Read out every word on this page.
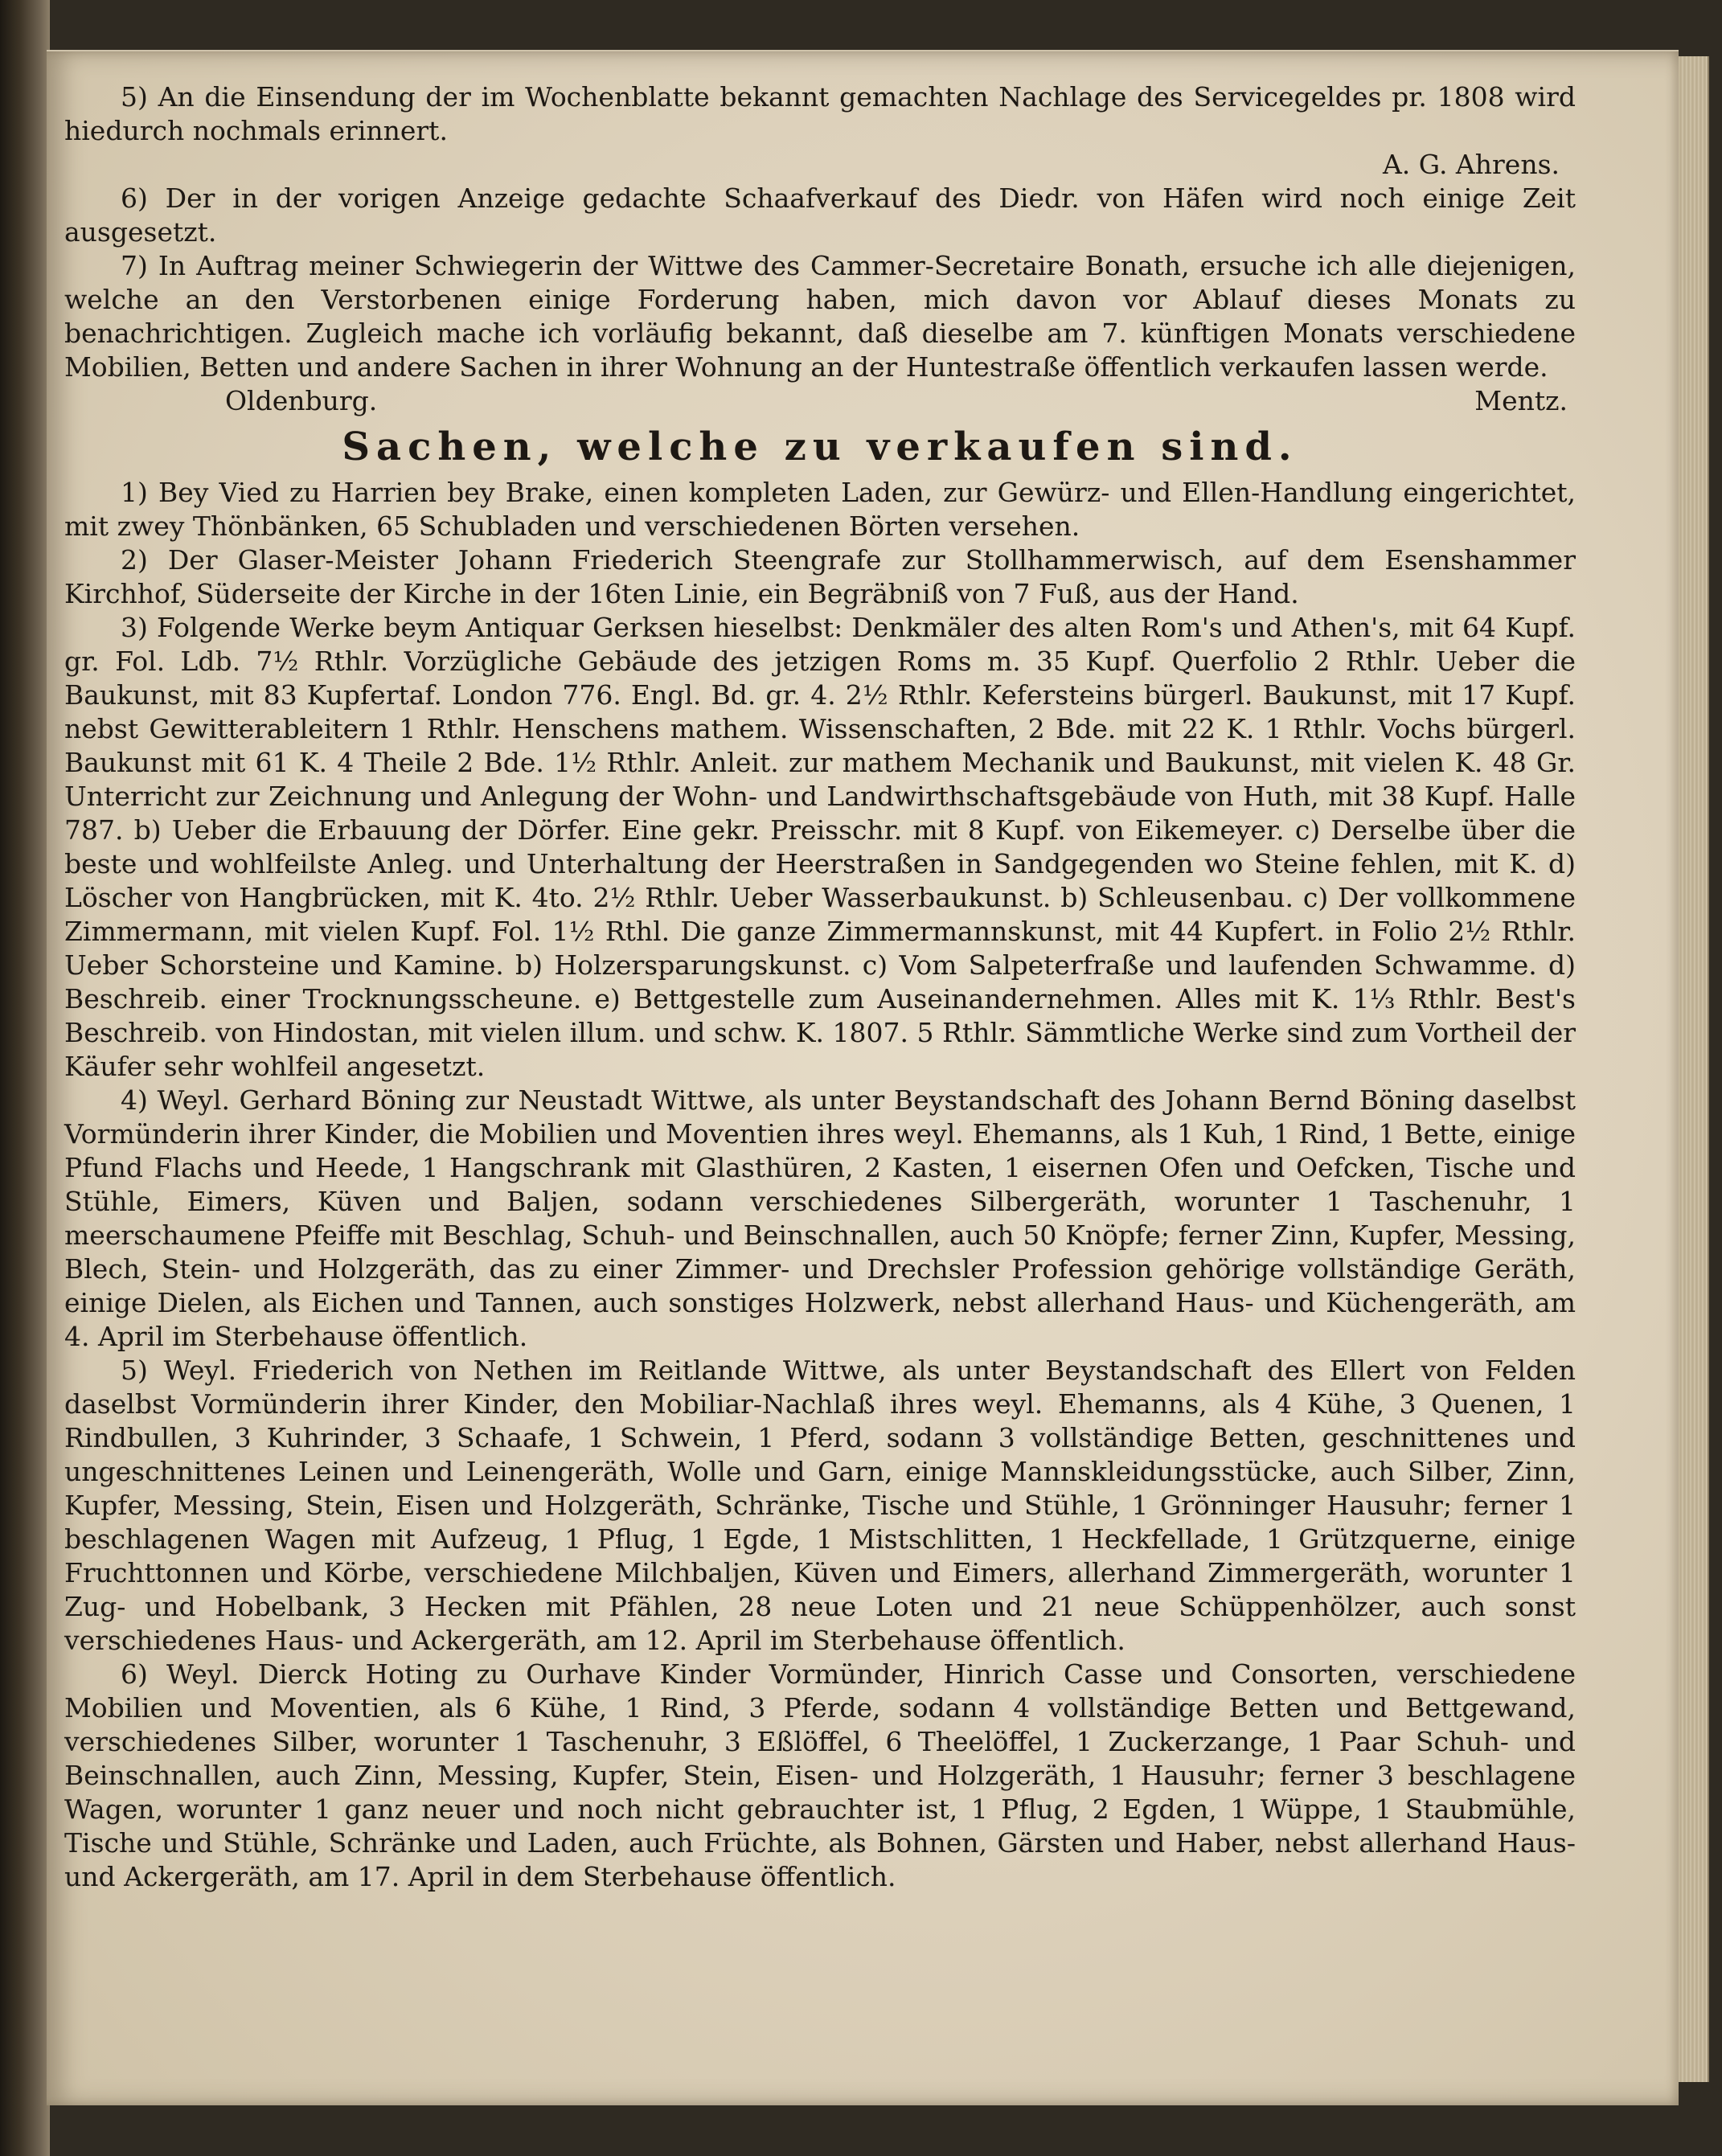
5) An die Einsendung der im Wochenblatte bekannt gemachten Nachlage des Servicegeldes pr. 1808 wird hiedurch nochmals erinnert.

A. G. Ahrens.

6) Der in der vorigen Anzeige gedachte Schaafverkauf des Diedr. von Häfen wird noch einige Zeit ausgesetzt.

7) In Auftrag meiner Schwiegerin der Wittwe des Cammer-Secretaire Bonath, ersuche ich alle diejenigen, welche an den Verstorbenen einige Forderung haben, mich davon vor Ablauf dieses Monats zu benachrichtigen. Zugleich mache ich vorläufig bekannt, daß dieselbe am 7. künftigen Monats verschiedene Mobilien, Betten und andere Sachen in ihrer Wohnung an der Huntestraße öffentlich verkaufen lassen werde.

Oldenburg.	Mentz.
Sachen, welche zu verkaufen sind.

1) Bey Vied zu Harrien bey Brake, einen kompleten Laden, zur Gewürz- und Ellen-Handlung eingerichtet, mit zwey Thönbänken, 65 Schubladen und verschiedenen Börten versehen.

2) Der Glaser-Meister Johann Friederich Steengrafe zur Stollhammerwisch, auf dem Esenshammer Kirchhof, Süderseite der Kirche in der 16ten Linie, ein Begräbniß von 7 Fuß, aus der Hand.

3) Folgende Werke beym Antiquar Gerksen hieselbst: Denkmäler des alten Rom's und Athen's, mit 64 Kupf. gr. Fol. Ldb. 7½ Rthlr. Vorzügliche Gebäude des jetzigen Roms m. 35 Kupf. Querfolio 2 Rthlr. Ueber die Baukunst, mit 83 Kupfertaf. London 776. Engl. Bd. gr. 4. 2½ Rthlr. Kefersteins bürgerl. Baukunst, mit 17 Kupf. nebst Gewitterableitern 1 Rthlr. Henschens mathem. Wissenschaften, 2 Bde. mit 22 K. 1 Rthlr. Vochs bürgerl. Baukunst mit 61 K. 4 Theile 2 Bde. 1½ Rthlr. Anleit. zur mathem Mechanik und Baukunst, mit vielen K. 48 Gr. Unterricht zur Zeichnung und Anlegung der Wohn- und Landwirthschaftsgebäude von Huth, mit 38 Kupf. Halle 787. b) Ueber die Erbauung der Dörfer. Eine gekr. Preisschr. mit 8 Kupf. von Eikemeyer. c) Derselbe über die beste und wohlfeilste Anleg. und Unterhaltung der Heerstraßen in Sandgegenden wo Steine fehlen, mit K. d) Löscher von Hangbrücken, mit K. 4to. 2½ Rthlr. Ueber Wasserbaukunst. b) Schleusenbau. c) Der vollkommene Zimmermann, mit vielen Kupf. Fol. 1½ Rthl. Die ganze Zimmermannskunst, mit 44 Kupfert. in Folio 2½ Rthlr. Ueber Schorsteine und Kamine. b) Holzersparungskunst. c) Vom Salpeterfraße und laufenden Schwamme. d) Beschreib. einer Trocknungsscheune. e) Bettgestelle zum Auseinandernehmen. Alles mit K. 1⅓ Rthlr. Best's Beschreib. von Hindostan, mit vielen illum. und schw. K. 1807. 5 Rthlr. Sämmtliche Werke sind zum Vortheil der Käufer sehr wohlfeil angesetzt.

4) Weyl. Gerhard Böning zur Neustadt Wittwe, als unter Beystandschaft des Johann Bernd Böning daselbst Vormünderin ihrer Kinder, die Mobilien und Moventien ihres weyl. Ehemanns, als 1 Kuh, 1 Rind, 1 Bette, einige Pfund Flachs und Heede, 1 Hangschrank mit Glasthüren, 2 Kasten, 1 eisernen Ofen und Oefcken, Tische und Stühle, Eimers, Küven und Baljen, sodann verschiedenes Silbergeräth, worunter 1 Taschenuhr, 1 meerschaumene Pfeiffe mit Beschlag, Schuh- und Beinschnallen, auch 50 Knöpfe; ferner Zinn, Kupfer, Messing, Blech, Stein- und Holzgeräth, das zu einer Zimmer- und Drechsler Profession gehörige vollständige Geräth, einige Dielen, als Eichen und Tannen, auch sonstiges Holzwerk, nebst allerhand Haus- und Küchengeräth, am 4. April im Sterbehause öffentlich.

5) Weyl. Friederich von Nethen im Reitlande Wittwe, als unter Beystandschaft des Ellert von Felden daselbst Vormünderin ihrer Kinder, den Mobiliar-Nachlaß ihres weyl. Ehemanns, als 4 Kühe, 3 Quenen, 1 Rindbullen, 3 Kuhrinder, 3 Schaafe, 1 Schwein, 1 Pferd, sodann 3 vollständige Betten, geschnittenes und ungeschnittenes Leinen und Leinengeräth, Wolle und Garn, einige Mannskleidungsstücke, auch Silber, Zinn, Kupfer, Messing, Stein, Eisen und Holzgeräth, Schränke, Tische und Stühle, 1 Grönninger Hausuhr; ferner 1 beschlagenen Wagen mit Aufzeug, 1 Pflug, 1 Egde, 1 Mistschlitten, 1 Heckfellade, 1 Grützquerne, einige Fruchttonnen und Körbe, verschiedene Milchbaljen, Küven und Eimers, allerhand Zimmergeräth, worunter 1 Zug- und Hobelbank, 3 Hecken mit Pfählen, 28 neue Loten und 21 neue Schüppenhölzer, auch sonst verschiedenes Haus- und Ackergeräth, am 12. April im Sterbehause öffentlich.

6) Weyl. Dierck Hoting zu Ourhave Kinder Vormünder, Hinrich Casse und Consorten, verschiedene Mobilien und Moventien, als 6 Kühe, 1 Rind, 3 Pferde, sodann 4 vollständige Betten und Bettgewand, verschiedenes Silber, worunter 1 Taschenuhr, 3 Eßlöffel, 6 Theelöffel, 1 Zuckerzange, 1 Paar Schuh- und Beinschnallen, auch Zinn, Messing, Kupfer, Stein, Eisen- und Holzgeräth, 1 Hausuhr; ferner 3 beschlagene Wagen, worunter 1 ganz neuer und noch nicht gebrauchter ist, 1 Pflug, 2 Egden, 1 Wüppe, 1 Staubmühle, Tische und Stühle, Schränke und Laden, auch Früchte, als Bohnen, Gärsten und Haber, nebst allerhand Haus- und Ackergeräth, am 17. April in dem Sterbehause öffentlich.
